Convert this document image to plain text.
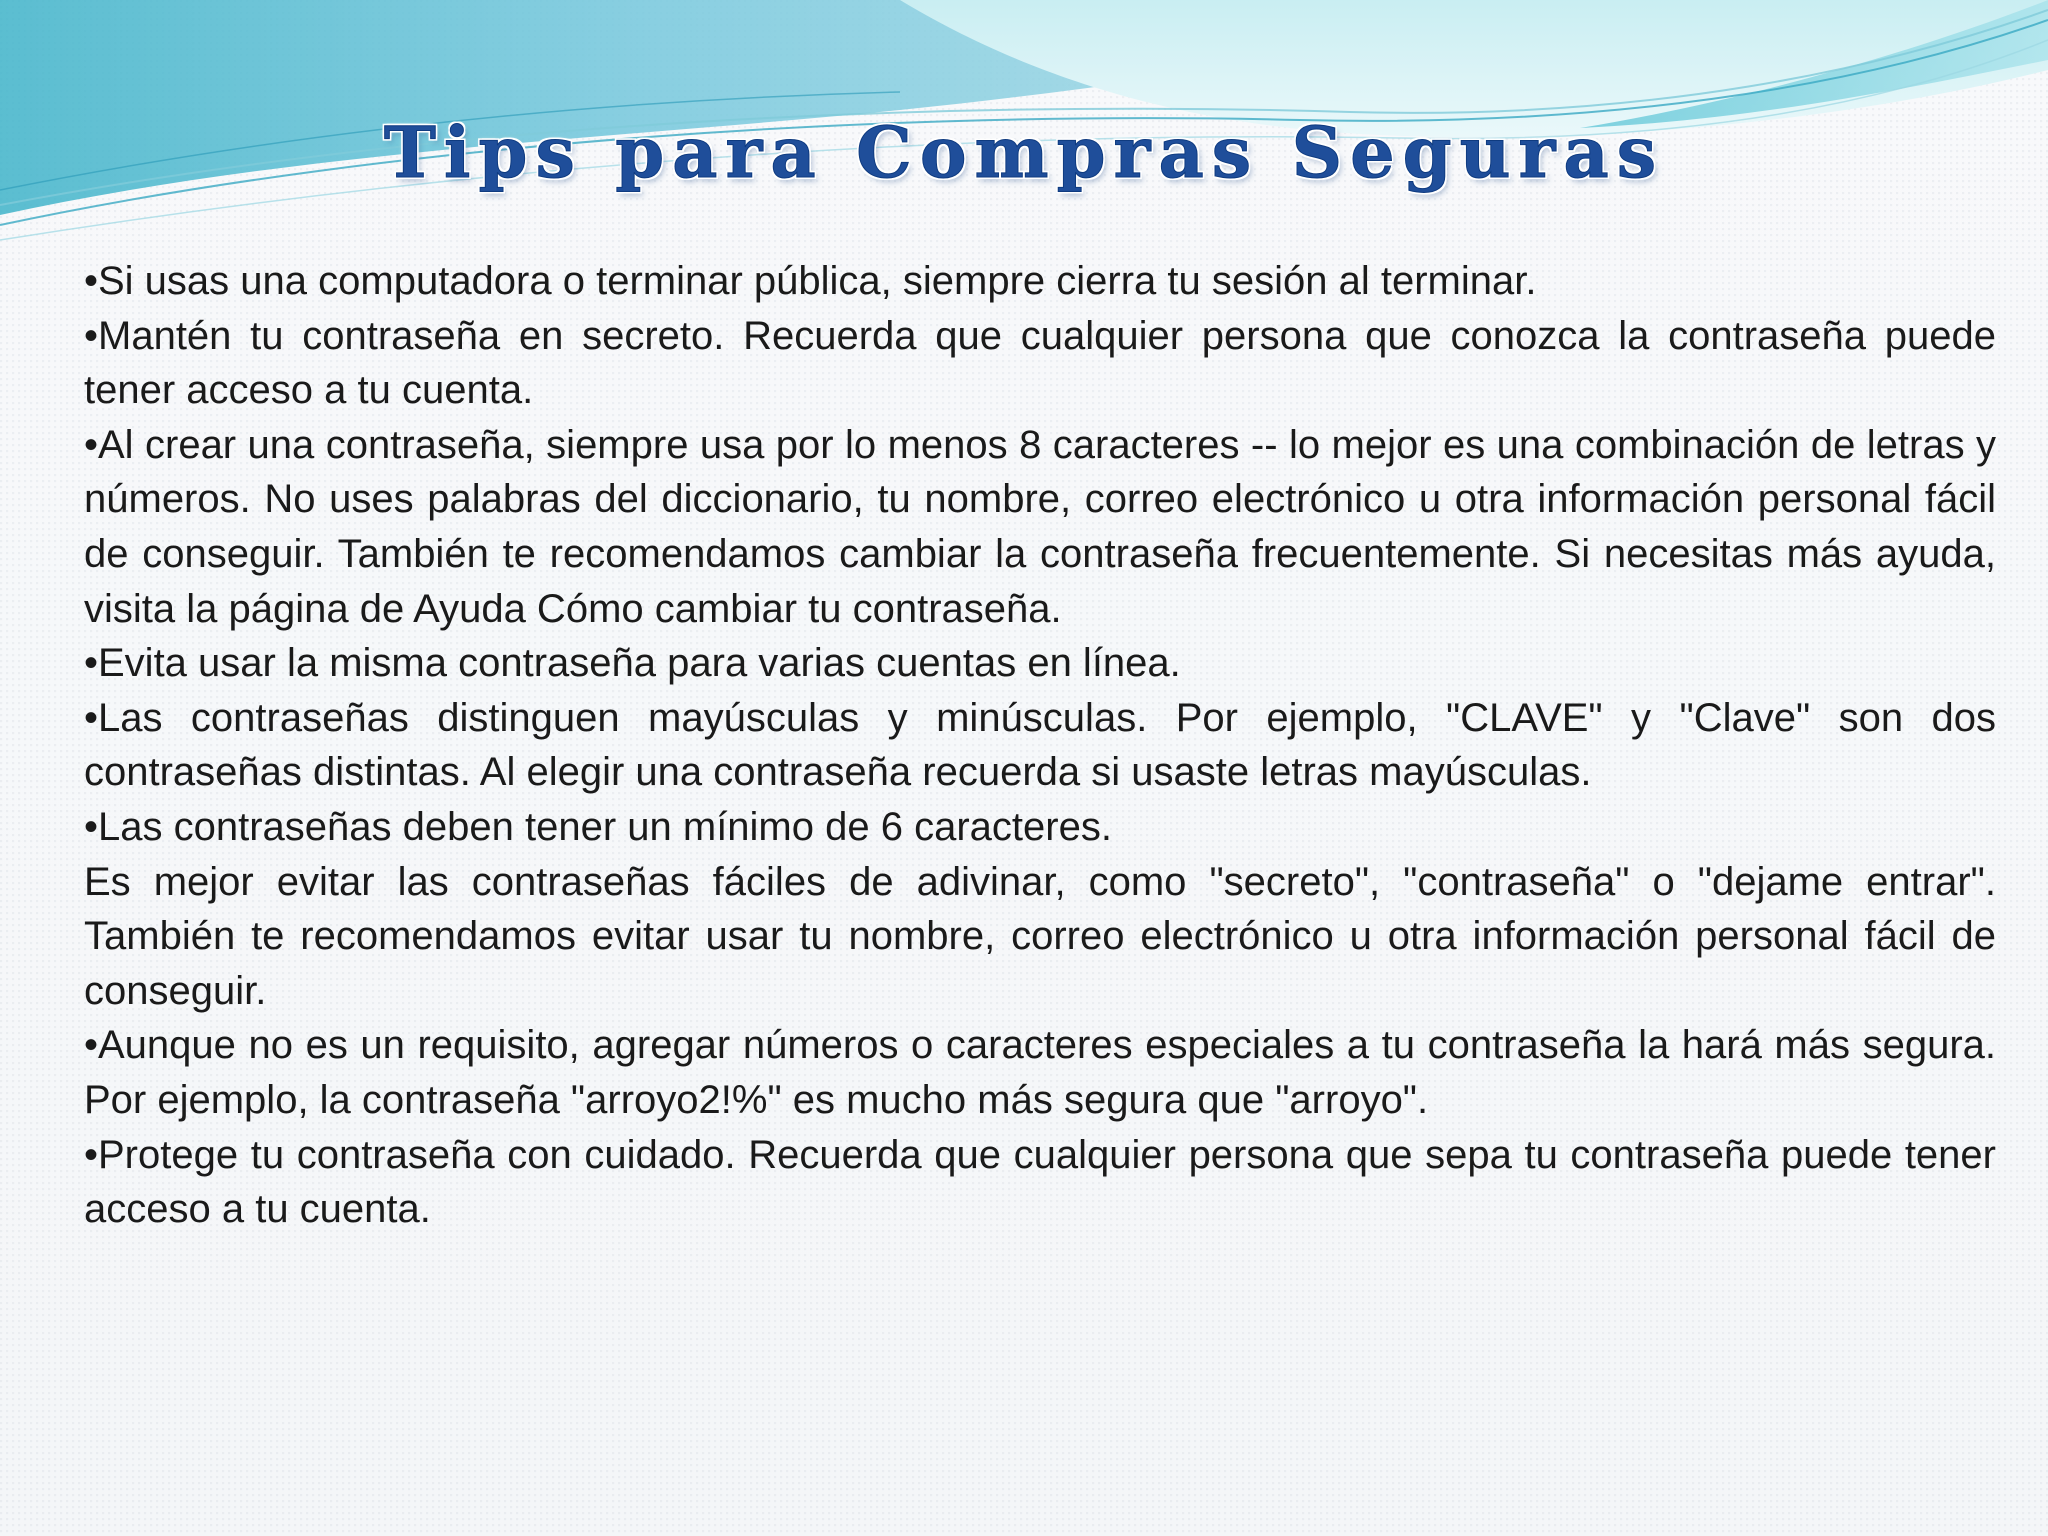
Tips para Compras Seguras

•Si usas una computadora o terminar pública, siempre cierra tu sesión al terminar.

•Mantén tu contraseña en secreto. Recuerda que cualquier persona que conozca la contraseña puede tener acceso a tu cuenta.

•Al crear una contraseña, siempre usa por lo menos 8 caracteres -- lo mejor es una combinación de letras y números. No uses palabras del diccionario, tu nombre, correo electrónico u otra información personal fácil de conseguir. También te recomendamos cambiar la contraseña frecuentemente. Si necesitas más ayuda, visita la página de Ayuda Cómo cambiar tu contraseña.

•Evita usar la misma contraseña para varias cuentas en línea.

•Las contraseñas distinguen mayúsculas y minúsculas. Por ejemplo, "CLAVE" y "Clave" son dos contraseñas distintas. Al elegir una contraseña recuerda si usaste letras mayúsculas.

•Las contraseñas deben tener un mínimo de 6 caracteres.

Es mejor evitar las contraseñas fáciles de adivinar, como "secreto", "contraseña" o "dejame entrar". También te recomendamos evitar usar tu nombre, correo electrónico u otra información personal fácil de conseguir.

•Aunque no es un requisito, agregar números o caracteres especiales a tu contraseña la hará más segura. Por ejemplo, la contraseña "arroyo2!%" es mucho más segura que "arroyo".

•Protege tu contraseña con cuidado. Recuerda que cualquier persona que sepa tu contraseña puede tener acceso a tu cuenta.
